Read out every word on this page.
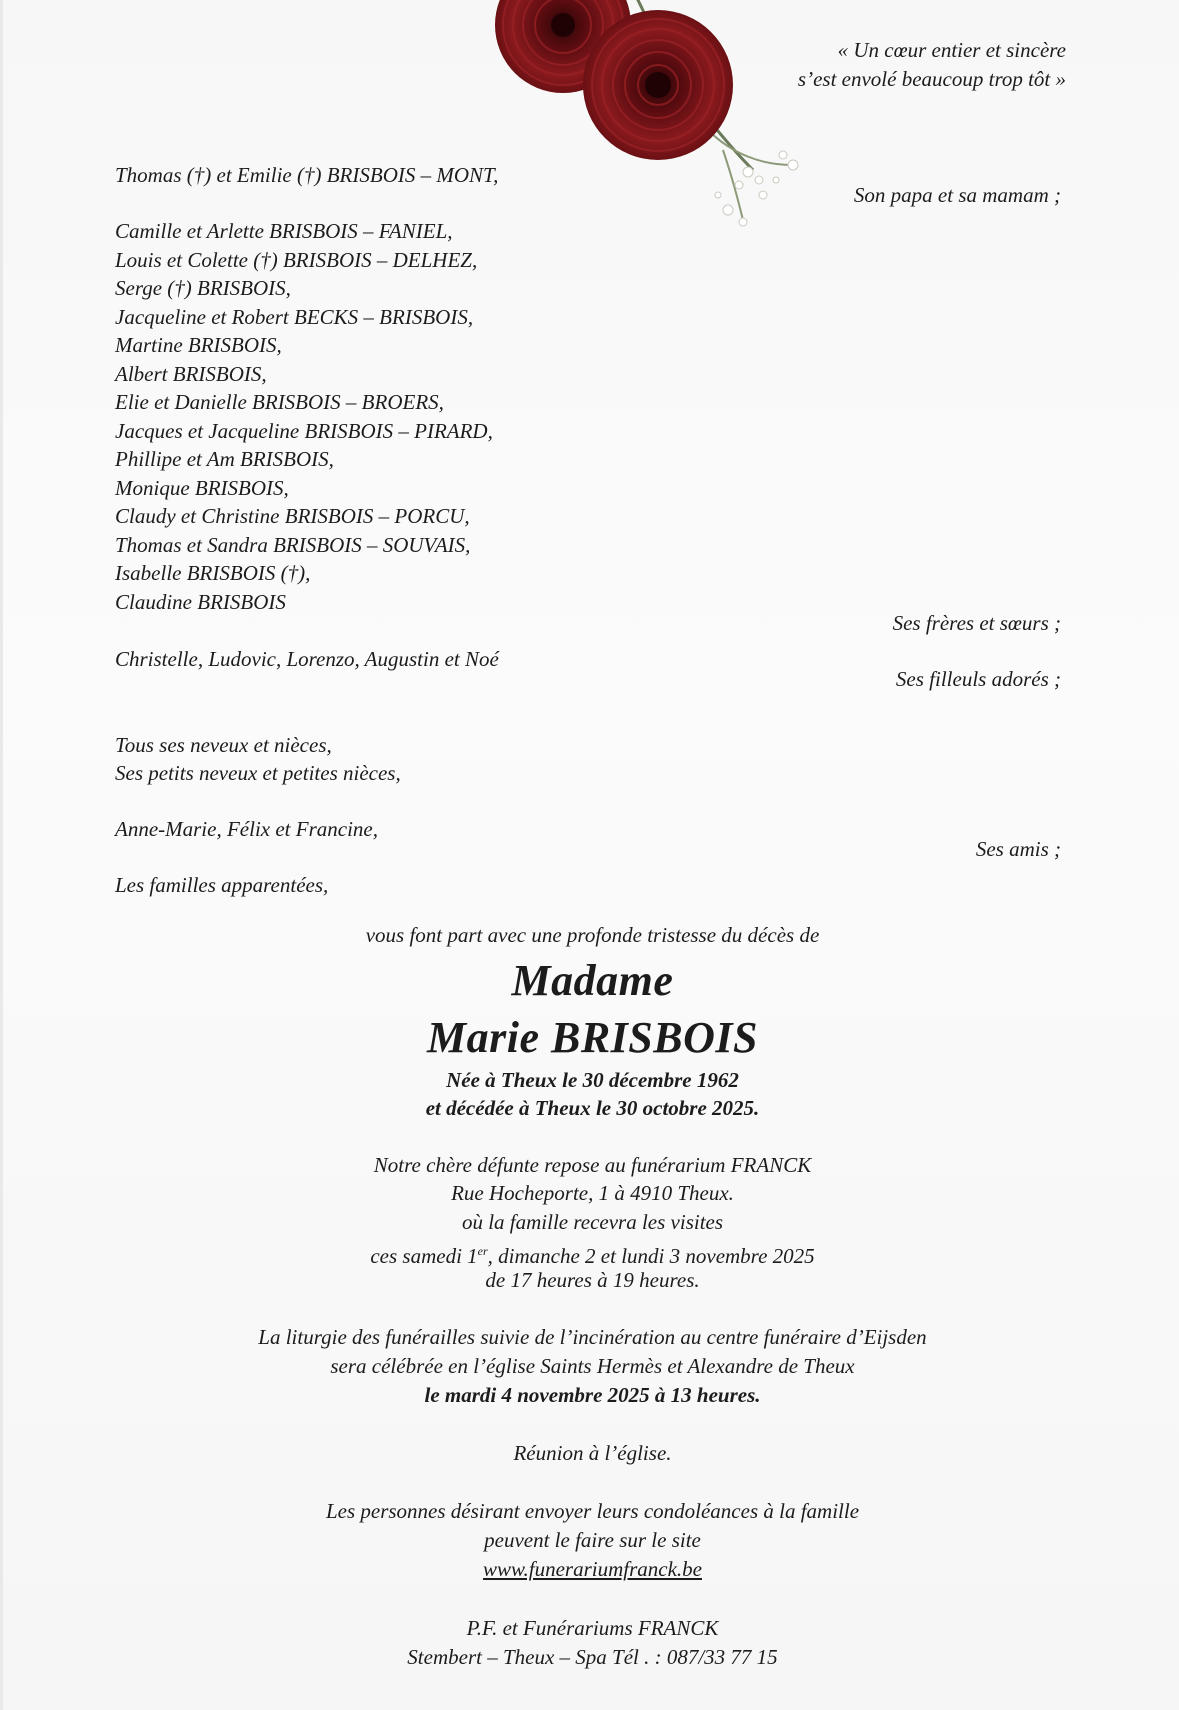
« Un cœur entier et sincère
s’est envolé beaucoup trop tôt »
Thomas (†) et Emilie (†) BRISBOIS – MONT,
Son papa et sa mamam ;
Camille et Arlette BRISBOIS – FANIEL,
Louis et Colette (†) BRISBOIS – DELHEZ,
Serge (†) BRISBOIS,
Jacqueline et Robert BECKS – BRISBOIS,
Martine BRISBOIS,
Albert BRISBOIS,
Elie et Danielle BRISBOIS – BROERS,
Jacques et Jacqueline BRISBOIS – PIRARD,
Phillipe et Am BRISBOIS,
Monique BRISBOIS,
Claudy et Christine BRISBOIS – PORCU,
Thomas et Sandra BRISBOIS – SOUVAIS,
Isabelle BRISBOIS (†),
Claudine BRISBOIS
Ses frères et sœurs ;
Christelle, Ludovic, Lorenzo, Augustin et Noé
Ses filleuls adorés ;
Tous ses neveux et nièces,
Ses petits neveux et petites nièces,
Anne-Marie, Félix et Francine,
Ses amis ;
Les familles apparentées,
vous font part avec une profonde tristesse du décès de
Madame
Marie BRISBOIS
Née à Theux le 30 décembre 1962
et décédée à Theux le 30 octobre 2025.
Notre chère défunte repose au funérarium FRANCK
Rue Hocheporte, 1 à 4910 Theux.
où la famille recevra les visites
ces samedi 1er, dimanche 2 et lundi 3 novembre 2025
de 17 heures à 19 heures.
La liturgie des funérailles suivie de l’incinération au centre funéraire d’Eijsden
sera célébrée en l’église Saints Hermès et Alexandre de Theux
le mardi 4 novembre 2025 à 13 heures.
Réunion à l’église.
Les personnes désirant envoyer leurs condoléances à la famille
peuvent le faire sur le site
www.funerariumfranck.be
P.F. et Funérariums FRANCK
Stembert – Theux – Spa Tél . : 087/33 77 15
